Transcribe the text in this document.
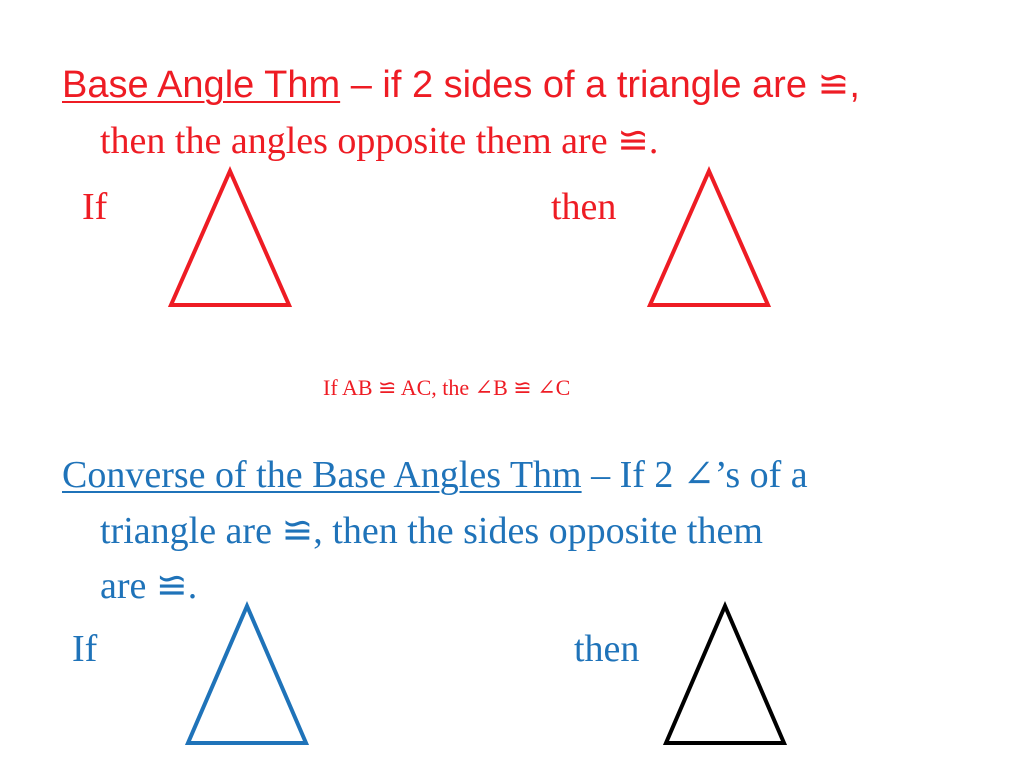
Base Angle Thm – if 2 sides of a triangle are ≌,
then the angles opposite them are ≌.
If	then
If AB ≌ AC, the ∠B ≌ ∠C
Converse of the Base Angles Thm – If 2 ∠’s of a
triangle are ≌, then the sides opposite them
are ≌.
If	then
